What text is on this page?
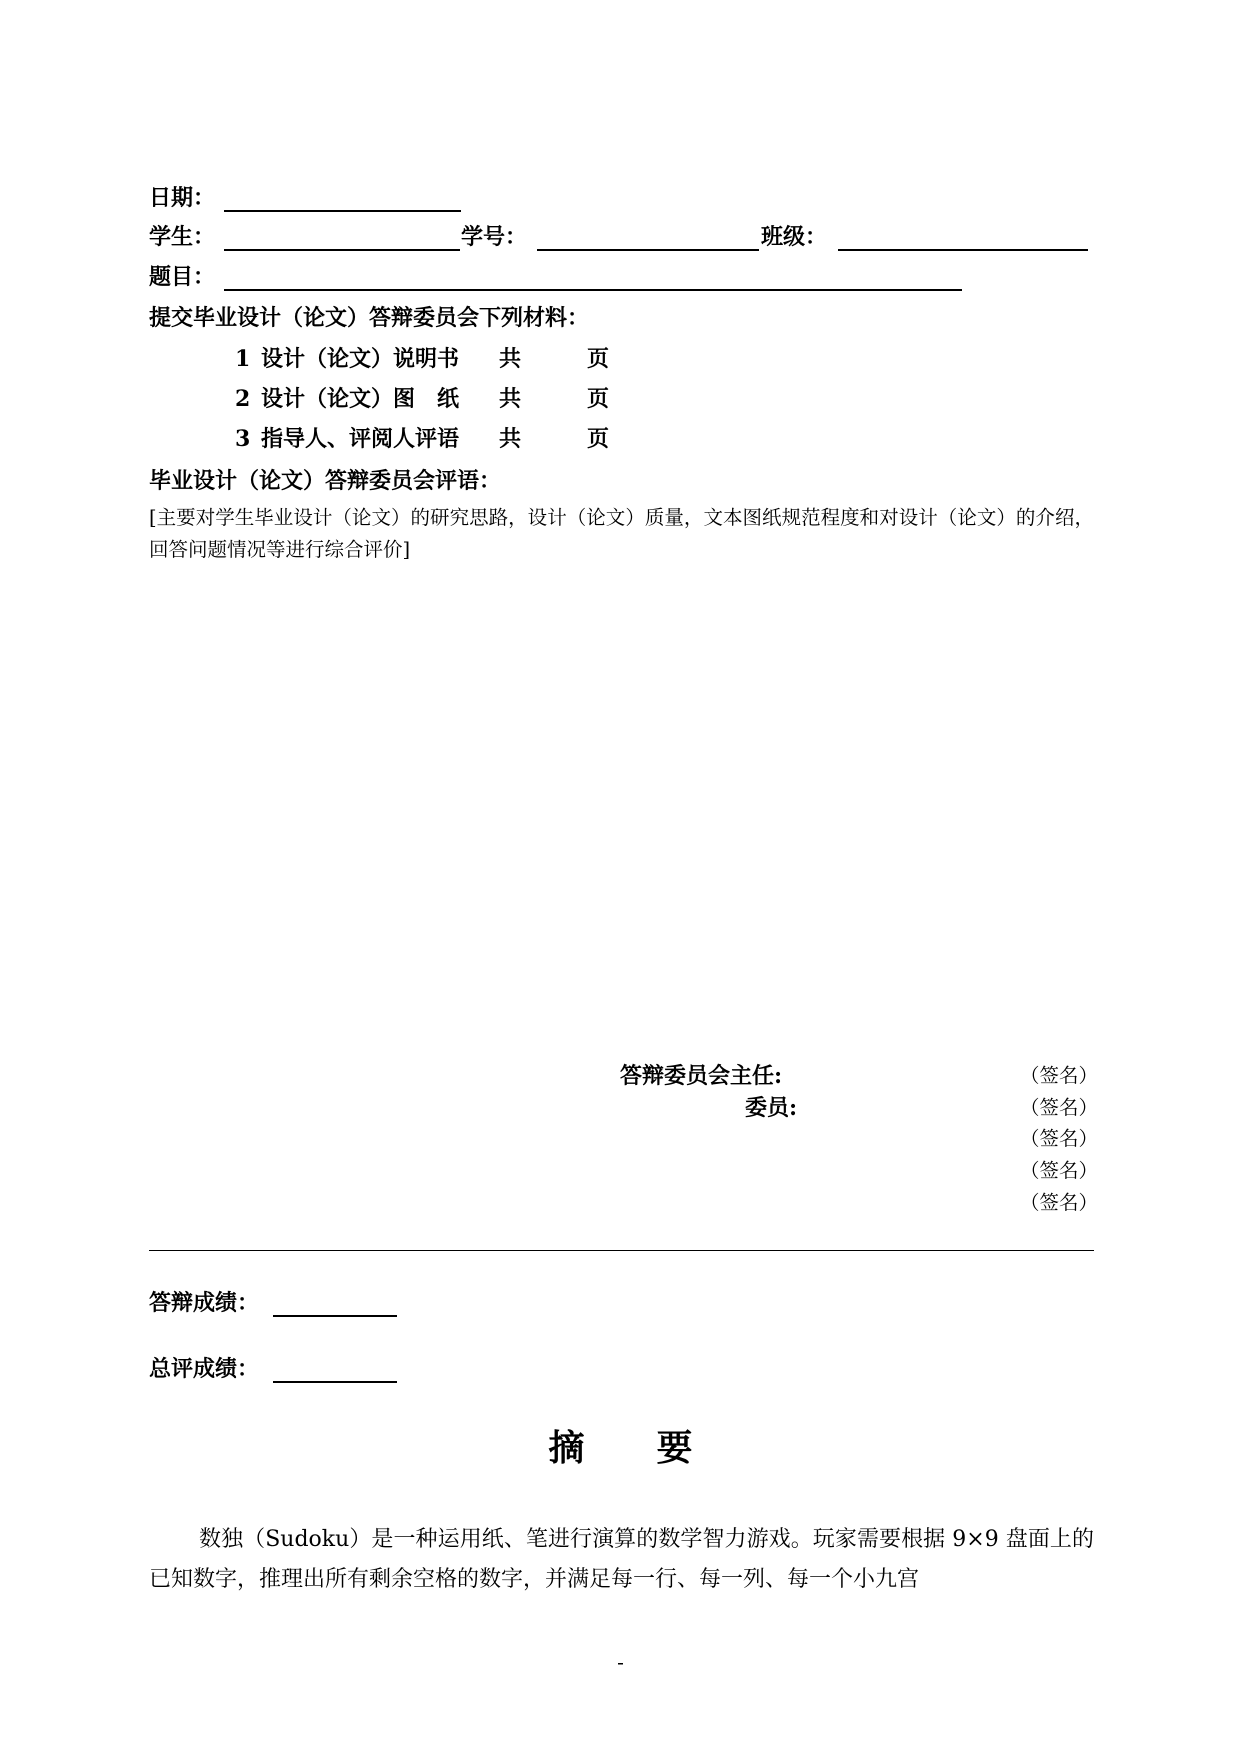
日期：
学生：	学号：	班级：
题目：
提交毕业设计（论文）答辩委员会下列材料：
1 设计（论文）说明书 共	页
2 设计（论文）图　纸 共	页
3 指导人、评阅人评语 共	页
毕业设计（论文）答辩委员会评语：
[主要对学生毕业设计（论文）的研究思路，设计（论文）质量，文本图纸规范程度和对设计（论文）的介绍，回答问题情况等进行综合评价]
答辩委员会主任:	（签名）
委员:	（签名）
（签名）
（签名）
（签名）
答辩成绩：
总评成绩：
摘　　要
数独（Sudoku）是一种运用纸、笔进行演算的数学智力游戏。玩家需要根据 9×9 盘面上的已知数字，推理出所有剩余空格的数字，并满足每一行、每一列、每一个小九宫
-
